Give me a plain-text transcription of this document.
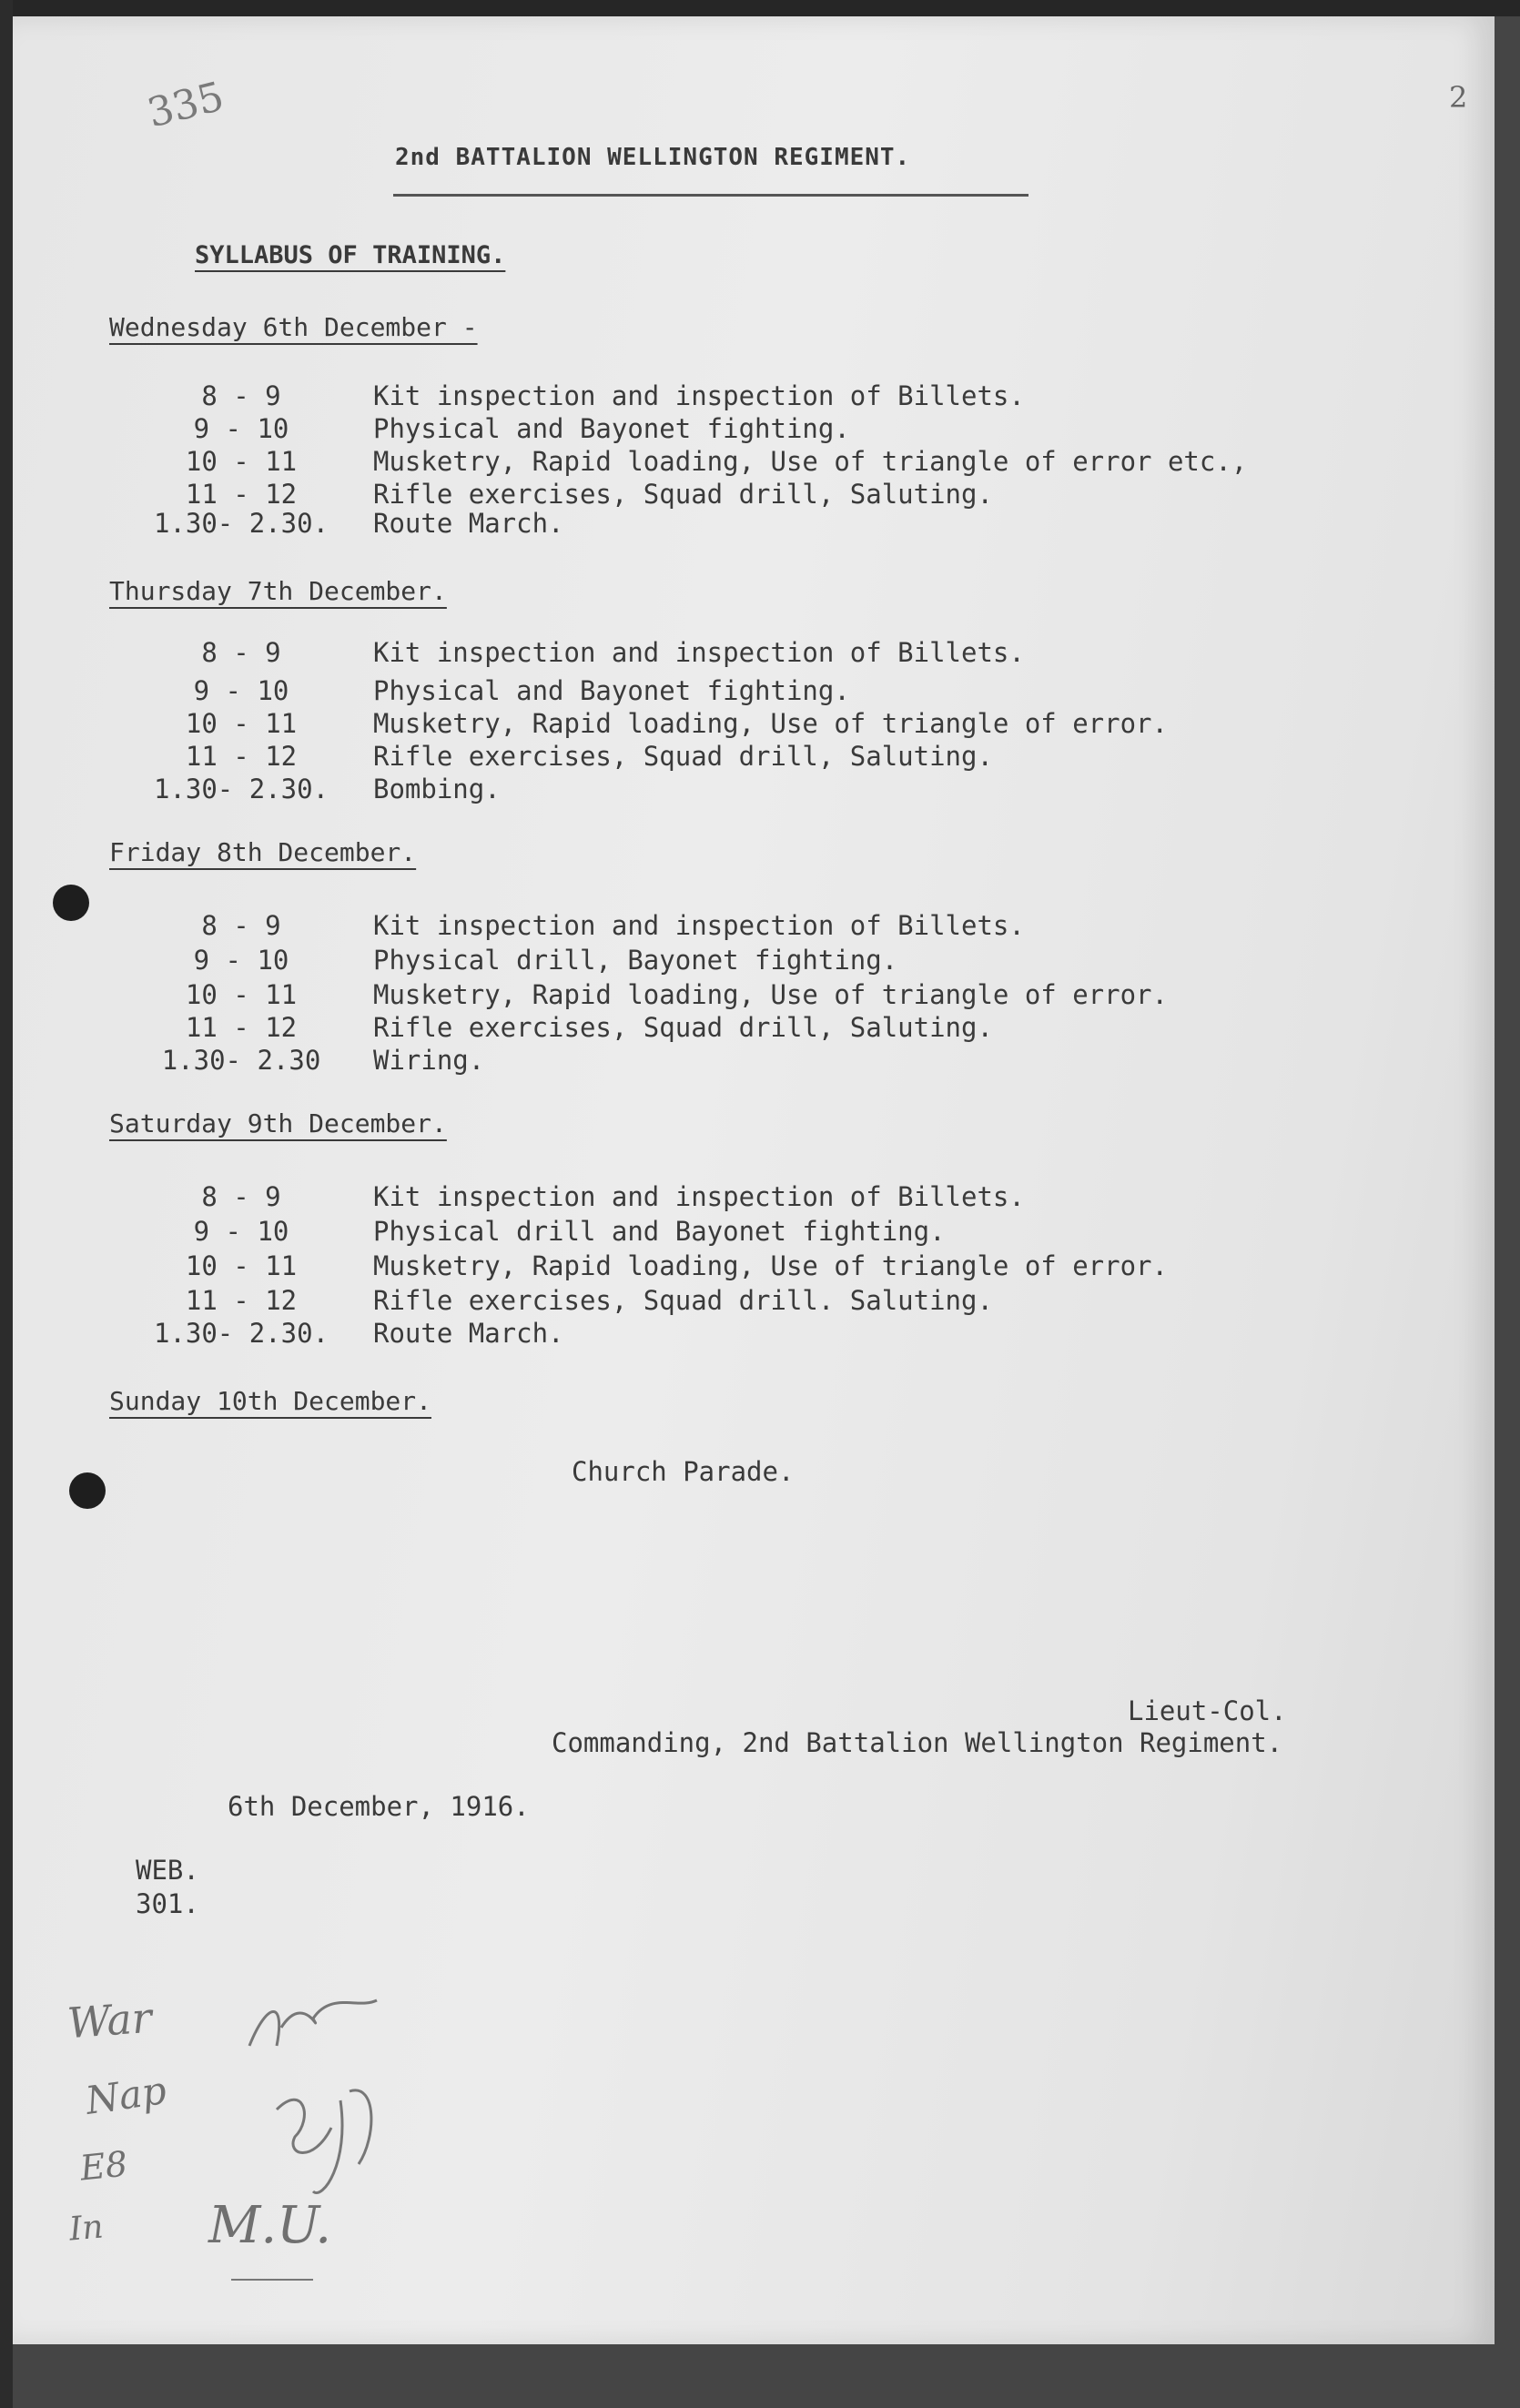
335	2
2nd BATTALION WELLINGTON REGIMENT.
SYLLABUS OF TRAINING.
Wednesday 6th December -
8 - 9	Kit inspection and inspection of Billets.
9 - 10	Physical and Bayonet fighting.
10 - 11	Musketry, Rapid loading, Use of triangle of error etc.,
11 - 12	Rifle exercises, Squad drill, Saluting.
1.30- 2.30. Route March.
Thursday 7th December.
8 - 9	Kit inspection and inspection of Billets.
9 - 10	Physical and Bayonet fighting.
10 - 11	Musketry, Rapid loading, Use of triangle of error.
11 - 12	Rifle exercises, Squad drill, Saluting.
1.30- 2.30. Bombing.
Friday 8th December.
8 - 9	Kit inspection and inspection of Billets.
9 - 10	Physical drill, Bayonet fighting.
10 - 11	Musketry, Rapid loading, Use of triangle of error.
11 - 12	Rifle exercises, Squad drill, Saluting.
1.30- 2.30 Wiring.
Saturday 9th December.
8 - 9	Kit inspection and inspection of Billets.
9 - 10	Physical drill and Bayonet fighting.
10 - 11	Musketry, Rapid loading, Use of triangle of error.
11 - 12	Rifle exercises, Squad drill. Saluting.
1.30- 2.30. Route March.
Sunday 10th December.
Church Parade.
Lieut-Col.
Commanding, 2nd Battalion Wellington Regiment.
6th December, 1916.
WEB.
301.
War
Nap
E8
In M.U.
